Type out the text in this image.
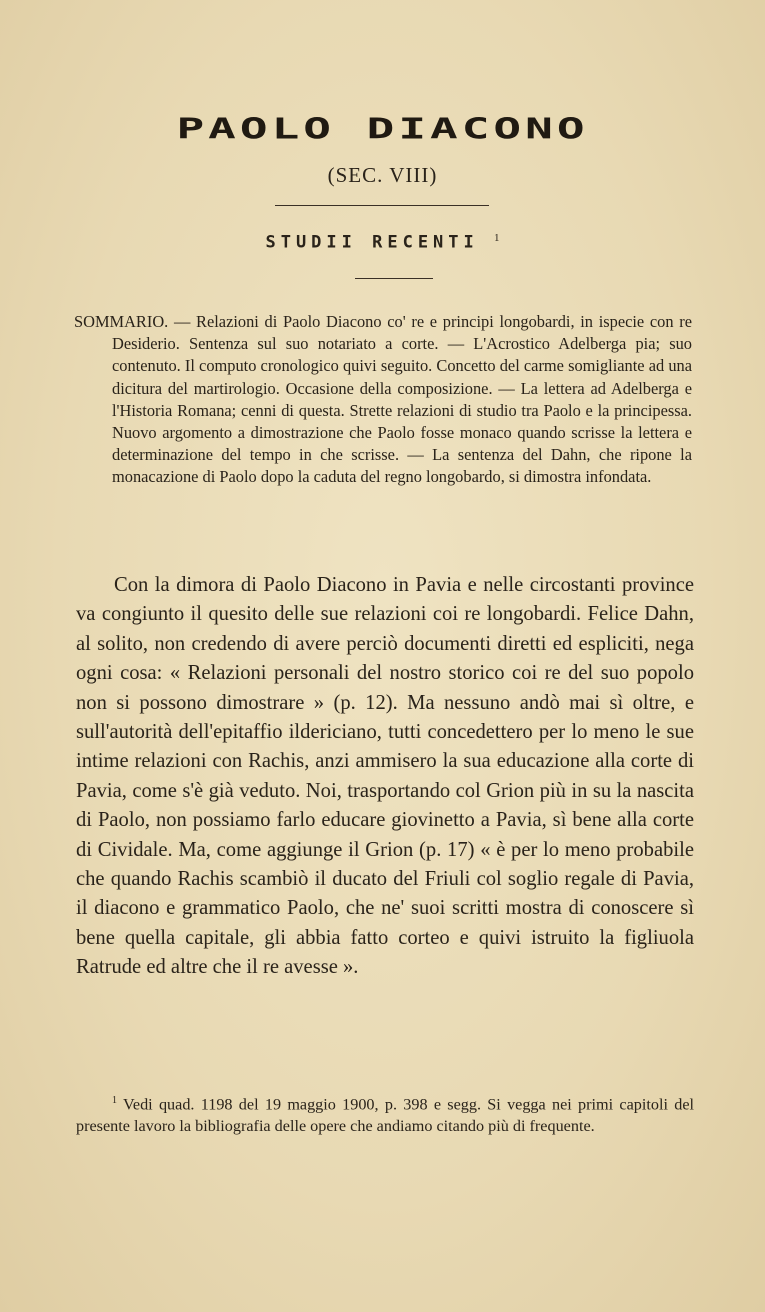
PAOLO DIACONO
(SEC. VIII)
STUDII RECENTI $^1$

SOMMARIO. — Relazioni di Paolo Diacono co' re e principi longobardi, in ispecie con re Desiderio. Sentenza sul suo notariato a corte. — L'Acrostico Adelberga pia; suo contenuto. Il computo cronologico quivi seguito. Concetto del carme somigliante ad una dicitura del martirologio. Occasione della composizione. — La lettera ad Adelberga e l'Historia Romana; cenni di questa. Strette relazioni di studio tra Paolo e la principessa. Nuovo argomento a dimostrazione che Paolo fosse monaco quando scrisse la lettera e determinazione del tempo in che scrisse. — La sentenza del Dahn, che ripone la monacazione di Paolo dopo la caduta del regno longobardo, si dimostra infondata.

Con la dimora di Paolo Diacono in Pavia e nelle circostanti province va congiunto il quesito delle sue relazioni coi re longobardi. Felice Dahn, al solito, non credendo di avere perciò documenti diretti ed espliciti, nega ogni cosa: « Relazioni personali del nostro storico coi re del suo popolo non si possono dimostrare » (p. 12). Ma nessuno andò mai sì oltre, e sull'autorità dell'epitaffio ildericiano, tutti concedettero per lo meno le sue intime relazioni con Rachis, anzi ammisero la sua educazione alla corte di Pavia, come s'è già veduto. Noi, trasportando col Grion più in su la nascita di Paolo, non possiamo farlo educare giovinetto a Pavia, sì bene alla corte di Cividale. Ma, come aggiunge il Grion (p. 17) « è per lo meno probabile che quando Rachis scambiò il ducato del Friuli col soglio regale di Pavia, il diacono e grammatico Paolo, che ne' suoi scritti mostra di conoscere sì bene quella capitale, gli abbia fatto corteo e quivi istruito la figliuola Ratrude ed altre che il re avesse ».

$^1$ Vedi quad. 1198 del 19 maggio 1900, p. 398 e segg. Si vegga nei primi capitoli del presente lavoro la bibliografia delle opere che andiamo citando più di frequente.
